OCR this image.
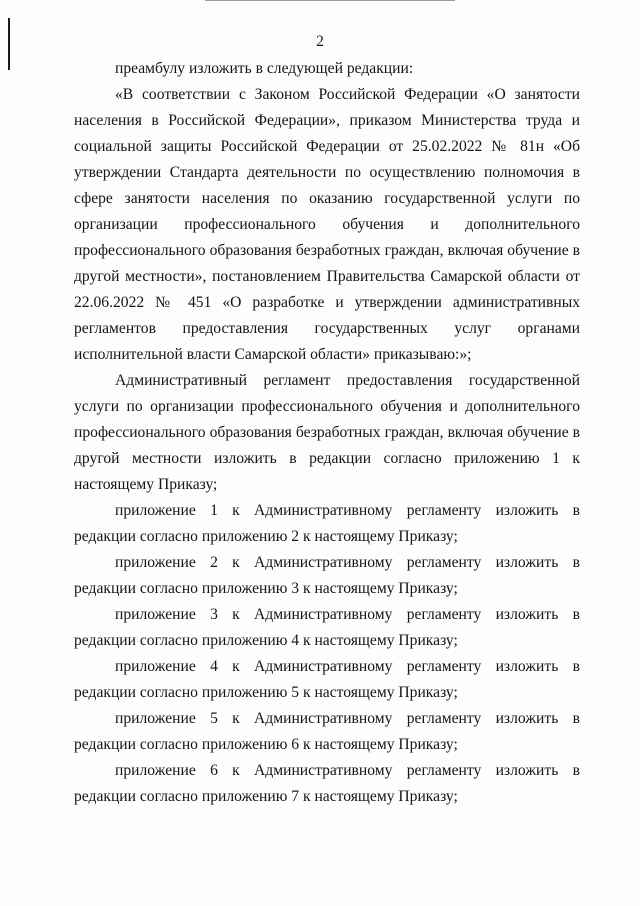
2

преамбулу изложить в следующей редакции:

«В соответствии с Законом Российской Федерации «О занятости населения в Российской Федерации», приказом Министерства труда и социальной защиты Российской Федерации от 25.02.2022 № 81н «Об утверждении Стандарта деятельности по осуществлению полномочия в сфере занятости населения по оказанию государственной услуги по организации профессионального обучения и дополнительного профессионального образования безработных граждан, включая обучение в другой местности», постановлением Правительства Самарской области от 22.06.2022 № 451 «О разработке и утверждении административных регламентов предоставления государственных услуг органами исполнительной власти Самарской области» приказываю:»;

Административный регламент предоставления государственной услуги по организации профессионального обучения и дополнительного профессионального образования безработных граждан, включая обучение в другой местности изложить в редакции согласно приложению 1 к настоящему Приказу;

приложение 1 к Административному регламенту изложить в редакции согласно приложению 2 к настоящему Приказу;

приложение 2 к Административному регламенту изложить в редакции согласно приложению 3 к настоящему Приказу;

приложение 3 к Административному регламенту изложить в редакции согласно приложению 4 к настоящему Приказу;

приложение 4 к Административному регламенту изложить в редакции согласно приложению 5 к настоящему Приказу;

приложение 5 к Административному регламенту изложить в редакции согласно приложению 6 к настоящему Приказу;

приложение 6 к Административному регламенту изложить в редакции согласно приложению 7 к настоящему Приказу;
